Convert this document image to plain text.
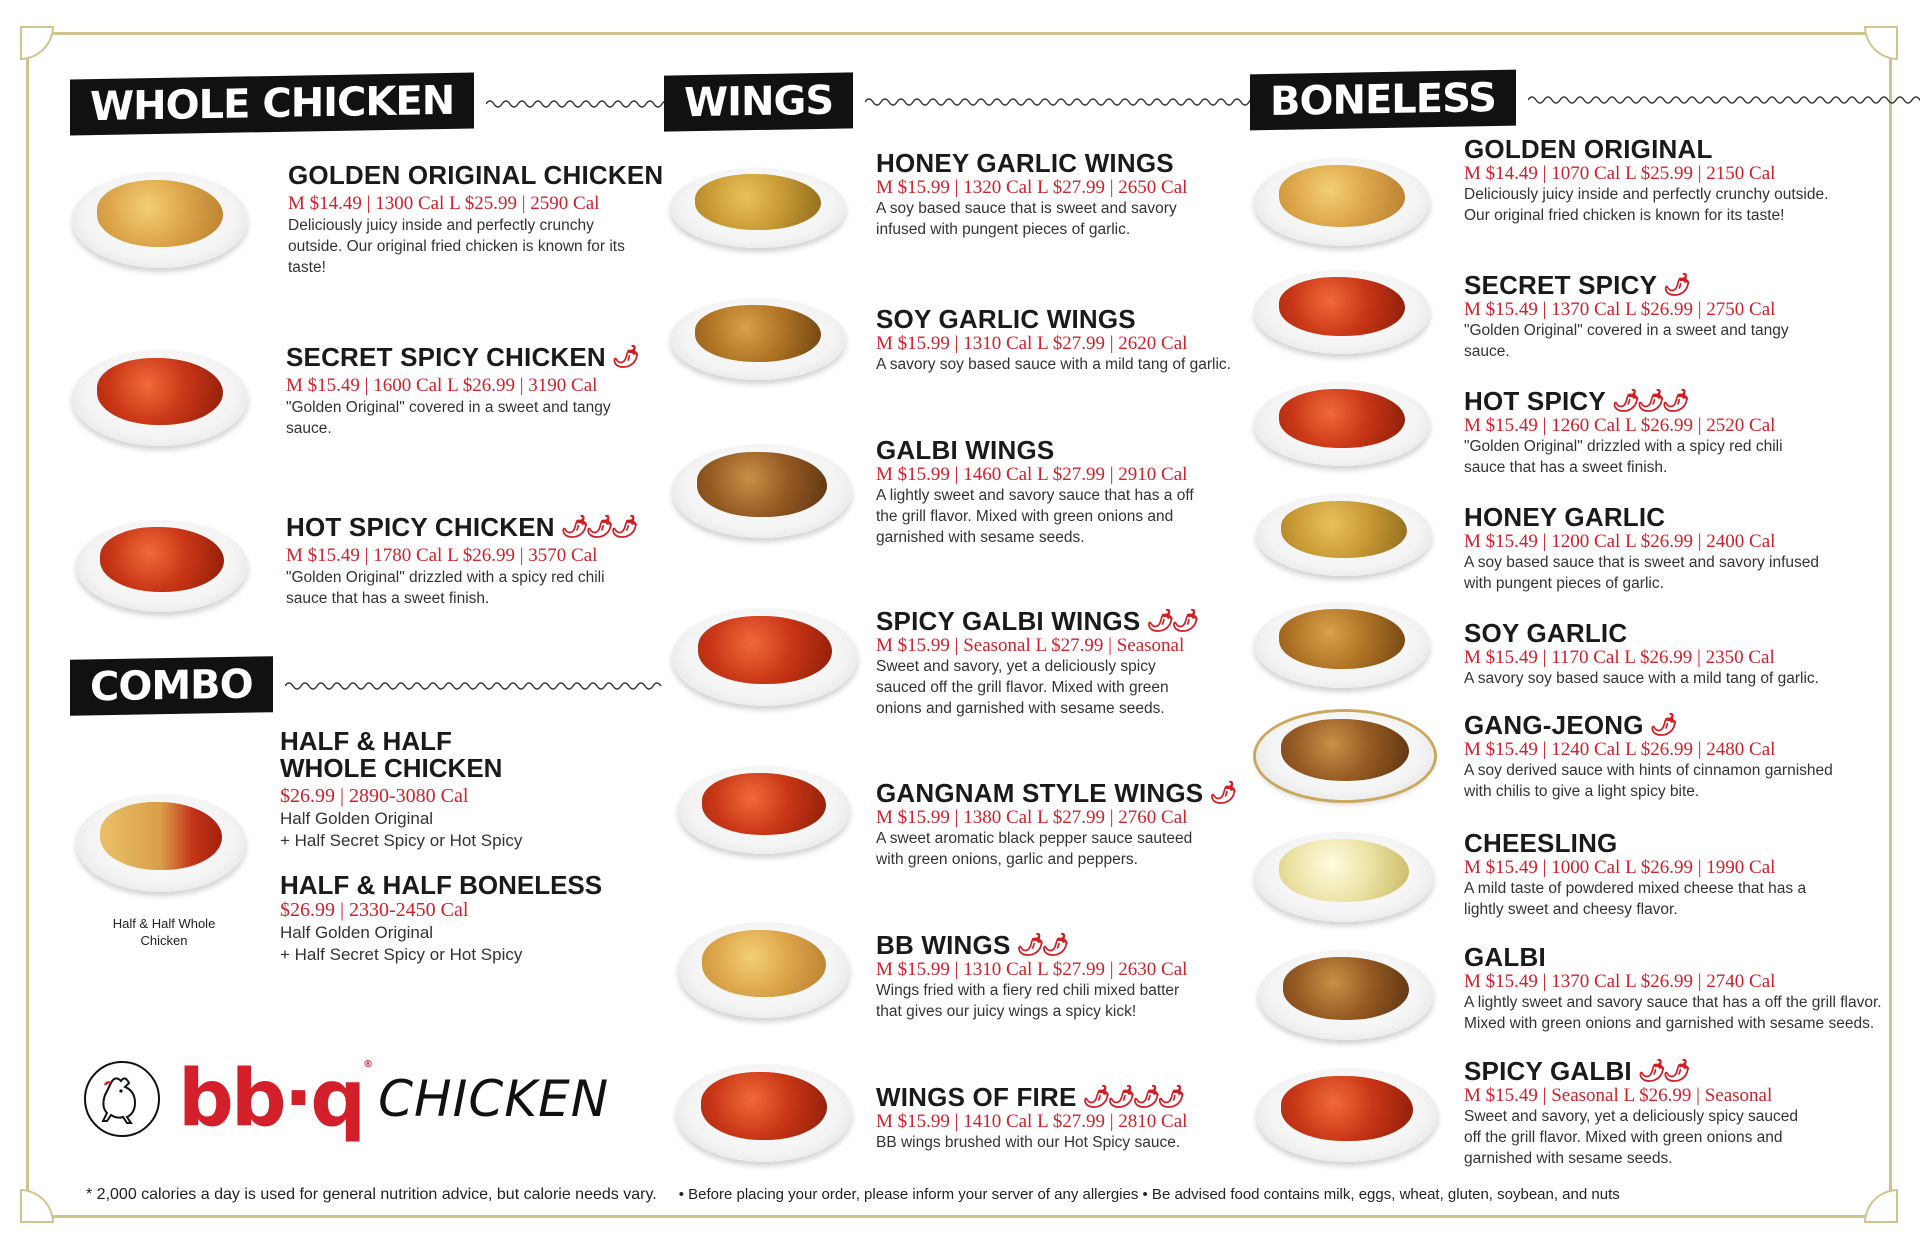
WHOLE CHICKEN
COMBO
WINGS	BONELESS
GOLDEN ORIGINAL CHICKEN
M $14.49 | 1300 Cal L $25.99 | 2590 Cal
Deliciously juicy inside and perfectly crunchy outside. Our original fried chicken is known for its taste!
SECRET SPICY CHICKEN 🌶
M $15.49 | 1600 Cal L $26.99 | 3190 Cal
"Golden Original" covered in a sweet and tangy sauce.
HOT SPICY CHICKEN 🌶🌶🌶
M $15.49 | 1780 Cal L $26.99 | 3570 Cal
"Golden Original" drizzled with a spicy red chili sauce that has a sweet finish.
Half & Half Whole Chicken
HALF & HALF WHOLE CHICKEN
$26.99 | 2890-3080 Cal
Half Golden Original
+ Half Secret Spicy or Hot Spicy
HALF & HALF BONELESS
$26.99 | 2330-2450 Cal
Half Golden Original
+ Half Secret Spicy or Hot Spicy
bb·q®
CHICKEN
HONEY GARLIC WINGS
M $15.99 | 1320 Cal L $27.99 | 2650 Cal
A soy based sauce that is sweet and savory infused with pungent pieces of garlic.
SOY GARLIC WINGS
M $15.99 | 1310 Cal L $27.99 | 2620 Cal
A savory soy based sauce with a mild tang of garlic.
GALBI WINGS
M $15.99 | 1460 Cal L $27.99 | 2910 Cal
A lightly sweet and savory sauce that has a off the grill flavor. Mixed with green onions and garnished with sesame seeds.
SPICY GALBI WINGS 🌶🌶
M $15.99 | Seasonal L $27.99 | Seasonal
Sweet and savory, yet a deliciously spicy sauced off the grill flavor. Mixed with green onions and garnished with sesame seeds.
GANGNAM STYLE WINGS 🌶
M $15.99 | 1380 Cal L $27.99 | 2760 Cal
A sweet aromatic black pepper sauce sauteed with green onions, garlic and peppers.
BB WINGS 🌶🌶
M $15.99 | 1310 Cal L $27.99 | 2630 Cal
Wings fried with a fiery red chili mixed batter that gives our juicy wings a spicy kick!
WINGS OF FIRE 🌶🌶🌶🌶
M $15.99 | 1410 Cal L $27.99 | 2810 Cal
BB wings brushed with our Hot Spicy sauce.
GOLDEN ORIGINAL
M $14.49 | 1070 Cal L $25.99 | 2150 Cal
Deliciously juicy inside and perfectly crunchy outside. Our original fried chicken is known for its taste!
SECRET SPICY 🌶
M $15.49 | 1370 Cal L $26.99 | 2750 Cal
"Golden Original" covered in a sweet and tangy sauce.
HOT SPICY 🌶🌶🌶
M $15.49 | 1260 Cal L $26.99 | 2520 Cal
"Golden Original" drizzled with a spicy red chili sauce that has a sweet finish.
HONEY GARLIC
M $15.49 | 1200 Cal L $26.99 | 2400 Cal
A soy based sauce that is sweet and savory infused with pungent pieces of garlic.
SOY GARLIC
M $15.49 | 1170 Cal L $26.99 | 2350 Cal
A savory soy based sauce with a mild tang of garlic.
GANG-JEONG 🌶
M $15.49 | 1240 Cal L $26.99 | 2480 Cal
A soy derived sauce with hints of cinnamon garnished with chilis to give a light spicy bite.
CHEESLING
M $15.49 | 1000 Cal L $26.99 | 1990 Cal
A mild taste of powdered mixed cheese that has a lightly sweet and cheesy flavor.
GALBI
M $15.49 | 1370 Cal L $26.99 | 2740 Cal
A lightly sweet and savory sauce that has a off the grill flavor. Mixed with green onions and garnished with sesame seeds.
SPICY GALBI 🌶🌶
M $15.49 | Seasonal L $26.99 | Seasonal
Sweet and savory, yet a deliciously spicy sauced off the grill flavor. Mixed with green onions and garnished with sesame seeds.
* 2,000 calories a day is used for general nutrition advice, but calorie needs vary. • Before placing your order, please inform your server of any allergies • Be advised food contains milk, eggs, wheat, gluten, soybean, and nuts
